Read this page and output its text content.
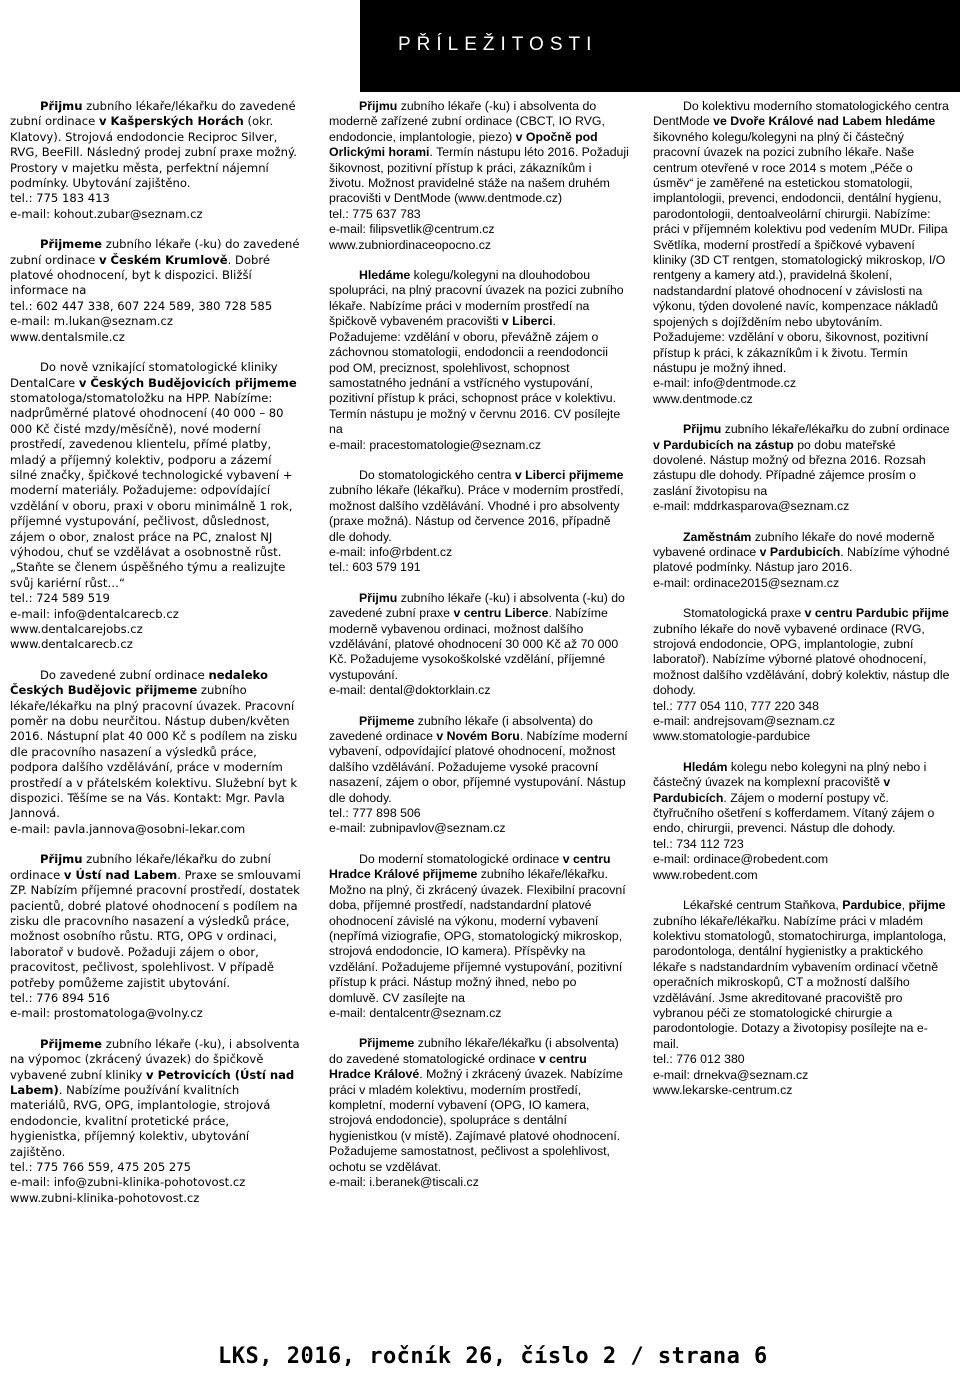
PŘÍLEŽITOSTI

Přijmu zubního lékaře/lékařku do zavedené zubní ordinace v Kašperských Horách (okr. Klatovy). Strojová endodoncie Reciproc Silver, RVG, BeeFill. Následný prodej zubní praxe možný. Prostory v majetku města, perfektní nájemní podmínky. Ubytování zajištěno.

tel.: 775 183 413
e-mail: kohout.zubar@seznam.cz

Přijmeme zubního lékaře (-ku) do zavedené zubní ordinace v Českém Krumlově. Dobré platové ohodnocení, byt k dispozici. Bližší informace na

tel.: 602 447 338, 607 224 589, 380 728 585
e-mail: m.lukan@seznam.cz
www.dentalsmile.cz

Do nově vznikající stomatologické kliniky DentalCare v Českých Budějovicích přijmeme stomatologa/stomatoložku na HPP. Nabízíme: nadprůměrné platové ohodnocení (40 000 – 80 000 Kč čisté mzdy/měsíčně), nové moderní prostředí, zavedenou klientelu, přímé platby, mladý a příjemný kolektiv, podporu a zázemí silné značky, špičkové technologické vybavení + moderní materiály. Požadujeme: odpovídající vzdělání v oboru, praxi v oboru minimálně 1 rok, příjemné vystupování, pečlivost, důslednost, zájem o obor, znalost práce na PC, znalost NJ výhodou, chuť se vzdělávat a osobnostně růst. „Staňte se členem úspěšného týmu a realizujte svůj kariérní růst…“

tel.: 724 589 519
e-mail: info@dentalcarecb.cz
www.dentalcarejobs.cz
www.dentalcarecb.cz

Do zavedené zubní ordinace nedaleko Českých Budějovic přijmeme zubního lékaře/lékařku na plný pracovní úvazek. Pracovní poměr na dobu neurčitou. Nástup duben/květen 2016. Nástupní plat 40 000 Kč s podílem na zisku dle pracovního nasazení a výsledků práce, podpora dalšího vzdělávání, práce v moderním prostředí a v přátelském kolektivu. Služební byt k dispozici. Těšíme se na Vás. Kontakt: Mgr. Pavla Jannová.

e-mail: pavla.jannova@osobni-lekar.com

Přijmu zubního lékaře/lékařku do zubní ordinace v Ústí nad Labem. Praxe se smlouvami ZP. Nabízím příjemné pracovní prostředí, dostatek pacientů, dobré platové ohodnocení s podílem na zisku dle pracovního nasazení a výsledků práce, možnost osobního růstu. RTG, OPG v ordinaci, laboratoř v budově. Požaduji zájem o obor, pracovitost, pečlivost, spolehlivost. V případě potřeby pomůžeme zajistit ubytování.

tel.: 776 894 516
e-mail: prostomatologa@volny.cz

Přijmeme zubního lékaře (-ku), i absolventa na výpomoc (zkrácený úvazek) do špičkově vybavené zubní kliniky v Petrovicích (Ústí nad Labem). Nabízíme používání kvalitních materiálů, RVG, OPG, implantologie, strojová endodoncie, kvalitní protetické práce, hygienistka, příjemný kolektiv, ubytování zajištěno.

tel.: 775 766 559, 475 205 275
e-mail: info@zubni-klinika-pohotovost.cz
www.zubni-klinika-pohotovost.cz

Přijmu zubního lékaře (-ku) i absolventa do moderně zařízené zubní ordinace (CBCT, IO RVG, endodoncie, implantologie, piezo) v Opočně pod Orlickými horami. Termín nástupu léto 2016. Požaduji šikovnost, pozitivní přístup k práci, zákazníkům i životu. Možnost pravidelné stáže na našem druhém pracovišti v DentMode (www.dentmode.cz)

tel.: 775 637 783
e-mail: filipsvetlik@centrum.cz
www.zubniordinaceopocno.cz

Hledáme kolegu/kolegyni na dlouhodobou spolupráci, na plný pracovní úvazek na pozici zubního lékaře. Nabízíme práci v moderním prostředí na špičkově vybaveném pracovišti v Liberci. Požadujeme: vzdělání v oboru, převážně zájem o záchovnou stomatologii, endodoncii a reendodoncii pod OM, preciznost, spolehlivost, schopnost samostatného jednání a vstřícného vystupování, pozitivní přístup k práci, schopnost práce v kolektivu. Termín nástupu je možný v červnu 2016. CV posílejte na

e-mail: pracestomatologie@seznam.cz

Do stomatologického centra v Liberci přijmeme zubního lékaře (lékařku). Práce v moderním prostředí, možnost dalšího vzdělávání. Vhodné i pro absolventy (praxe možná). Nástup od července 2016, případně dle dohody.

e-mail: info@rbdent.cz
tel.: 603 579 191

Přijmu zubního lékaře (-ku) i absolventa (-ku) do zavedené zubní praxe v centru Liberce. Nabízíme moderně vybavenou ordinaci, možnost dalšího vzdělávání, platové ohodnocení 30 000 Kč až 70 000 Kč. Požadujeme vysokoškolské vzdělání, příjemné vystupování.

e-mail: dental@doktorklain.cz

Přijmeme zubního lékaře (i absolventa) do zavedené ordinace v Novém Boru. Nabízíme moderní vybavení, odpovídající platové ohodnocení, možnost dalšího vzdělávání. Požadujeme vysoké pracovní nasazení, zájem o obor, příjemné vystupování. Nástup dle dohody.

tel.: 777 898 506
e-mail: zubnipavlov@seznam.cz

Do moderní stomatologické ordinace v centru Hradce Králové přijmeme zubního lékaře/lékařku. Možno na plný, či zkrácený úvazek. Flexibilní pracovní doba, příjemné prostředí, nadstandardní platové ohodnocení závislé na výkonu, moderní vybavení (nepřímá viziografie, OPG, stomatologický mikroskop, strojová endodoncie, IO kamera). Příspěvky na vzdělání. Požadujeme příjemné vystupování, pozitivní přístup k práci. Nástup možný ihned, nebo po domluvě. CV zasílejte na

e-mail: dentalcentr@seznam.cz

Přijmeme zubního lékaře/lékařku (i absolventa) do zavedené stomatologické ordinace v centru Hradce Králové. Možný i zkrácený úvazek. Nabízíme práci v mladém kolektivu, moderním prostředí, kompletní, moderní vybavení (OPG, IO kamera, strojová endodoncie), spolupráce s dentální hygienistkou (v místě). Zajímavé platové ohodnocení. Požadujeme samostatnost, pečlivost a spolehlivost, ochotu se vzdělávat.

e-mail: i.beranek@tiscali.cz

Do kolektivu moderního stomatologického centra DentMode ve Dvoře Králové nad Labem hledáme šikovného kolegu/kolegyni na plný či částečný pracovní úvazek na pozici zubního lékaře. Naše centrum otevřené v roce 2014 s motem „Péče o úsměv“ je zaměřené na estetickou stomatologii, implantologii, prevenci, endodoncii, dentální hygienu, parodontologii, dentoalveolární chirurgii. Nabízíme: práci v příjemném kolektivu pod vedením MUDr. Filipa Světlíka, moderní prostředí a špičkové vybavení kliniky (3D CT rentgen, stomatologický mikroskop, I/O rentgeny a kamery atd.), pravidelná školení, nadstandardní platové ohodnocení v závislosti na výkonu, týden dovolené navíc, kompenzace nákladů spojených s dojížděním nebo ubytováním. Požadujeme: vzdělání v oboru, šikovnost, pozitivní přístup k práci, k zákazníkům i k životu. Termín nástupu je možný ihned.

e-mail: info@dentmode.cz
www.dentmode.cz

Přijmu zubního lékaře/lékařku do zubní ordinace v Pardubicích na zástup po dobu mateřské dovolené. Nástup možný od března 2016. Rozsah zástupu dle dohody. Případné zájemce prosím o zaslání životopisu na

e-mail: mddrkasparova@seznam.cz

Zaměstnám zubního lékaře do nové moderně vybavené ordinace v Pardubicích. Nabízíme výhodné platové podmínky. Nástup jaro 2016.

e-mail: ordinace2015@seznam.cz

Stomatologická praxe v centru Pardubic přijme zubního lékaře do nově vybavené ordinace (RVG, strojová endodoncie, OPG, implantologie, zubní laboratoř). Nabízíme výborné platové ohodnocení, možnost dalšího vzdělávání, dobrý kolektiv, nástup dle dohody.

tel.: 777 054 110, 777 220 348
e-mail: andrejsovam@seznam.cz
www.stomatologie-pardubice

Hledám kolegu nebo kolegyni na plný nebo i částečný úvazek na komplexní pracoviště v Pardubicích. Zájem o moderní postupy vč. čtyřručního ošetření s kofferdamem. Vítaný zájem o endo, chirurgii, prevenci. Nástup dle dohody.

tel.: 734 112 723
e-mail: ordinace@robedent.com
www.robedent.com

Lékařské centrum Staňkova, Pardubice, přijme zubního lékaře/lékařku. Nabízíme práci v mladém kolektivu stomatologů, stomatochirurga, implantologa, parodontologa, dentální hygienistky a praktického lékaře s nadstandardním vybavením ordinací včetně operačních mikroskopů, CT a možností dalšího vzdělávání. Jsme akreditované pracoviště pro vybranou péči ze stomatologické chirurgie a parodontologie. Dotazy a životopisy posílejte na e-mail.

tel.: 776 012 380
e-mail: drnekva@seznam.cz
www.lekarske-centrum.cz
LKS, 2016, ročník 26, číslo 2 / strana 6
